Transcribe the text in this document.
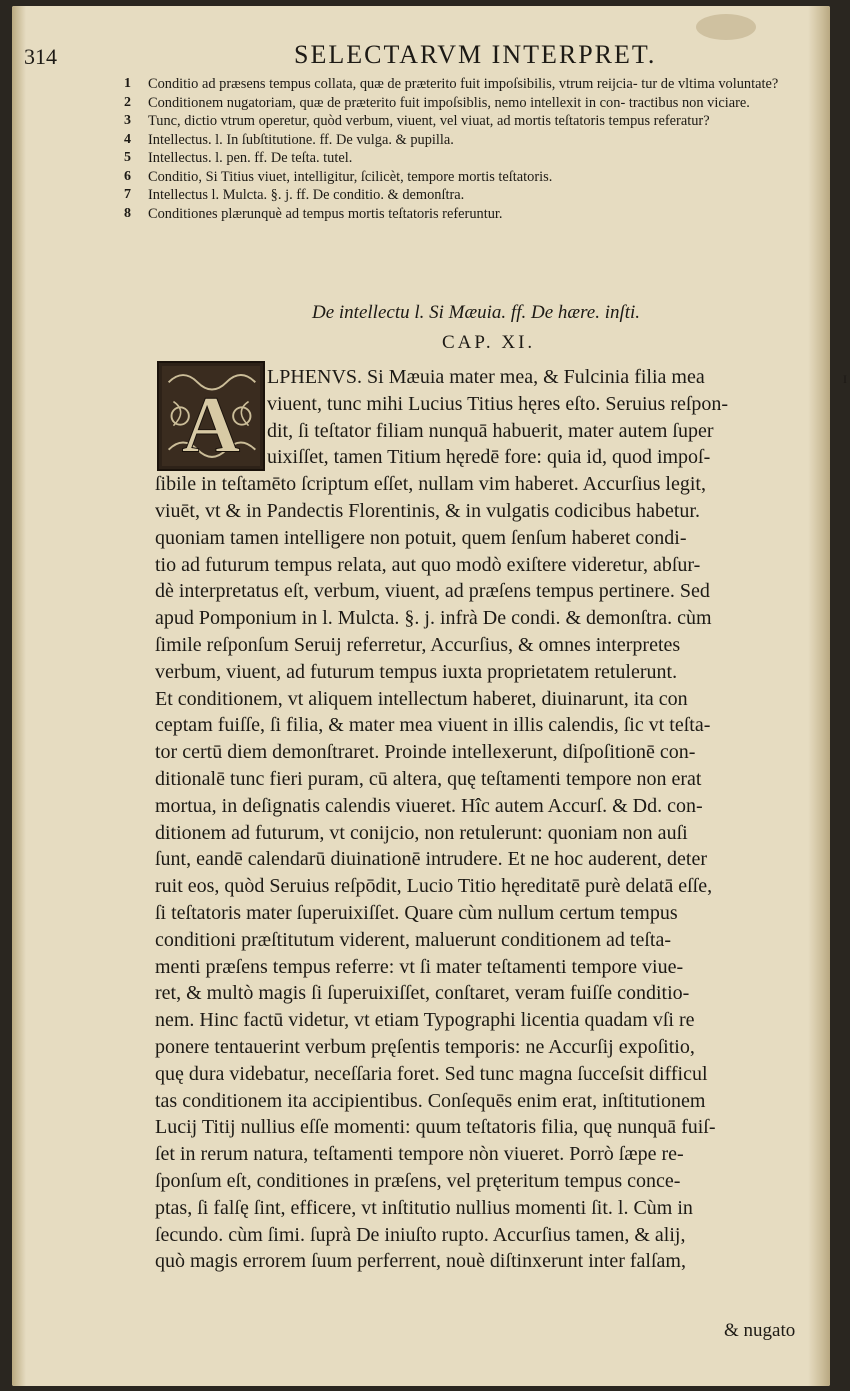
314	SELECTARVM INTERPRET.
1 Conditio ad præsens tempus collata, quæ de præterito fuit impoſsibilis, vtrum reijcia- tur de vltima voluntate?
2 Conditionem nugatoriam, quæ de præterito fuit impoſsiblis, nemo intellexit in con- tractibus non viciare.
3 Tunc, dictio vtrum operetur, quòd verbum, viuent, vel viuat, ad mortis teſtatoris tempus referatur?
4 Intellectus. l. In ſubſtitutione. ff. De vulga. & pupilla.
5 Intellectus. l. pen. ff. De teſta. tutel.
6 Conditio, Si Titius viuet, intelligitur, ſcilicèt, tempore mortis teſtatoris.
7 Intellectus l. Mulcta. §. j. ff. De conditio. & demonſtra.
8 Conditiones plærunquè ad tempus mortis teſtatoris referuntur.
De intellectu l. Si Mæuia. ff. De hære. inſti.
CAP. XI.
A
LPHENVS. Si Mæuia mater mea, & Fulcinia filia mea
viuent, tunc mihi Lucius Titius hęres eſto. Seruius reſpon-
dit, ſi teſtator filiam nunquā habuerit, mater autem ſuper
uixiſſet, tamen Titium hęredē fore: quia id, quod impoſ-
ſibile in teſtamēto ſcriptum eſſet, nullam vim haberet. Accurſius legit,
viuēt, vt & in Pandectis Florentinis, & in vulgatis codicibus habetur.
quoniam tamen intelligere non potuit, quem ſenſum haberet condi-
tio ad futurum tempus relata, aut quo modò exiſtere videretur, abſur-
dè interpretatus eſt, verbum, viuent, ad præſens tempus pertinere. Sed
apud Pomponium in l. Mulcta. §. j. infrà De condi. & demonſtra. cùm
ſimile reſponſum Seruij referretur, Accurſius, & omnes interpretes
verbum, viuent, ad futurum tempus iuxta proprietatem retulerunt.
Et conditionem, vt aliquem intellectum haberet, diuinarunt, ita con
ceptam fuiſſe, ſi filia, & mater mea viuent in illis calendis, ſic vt teſta-
tor certū diem demonſtraret. Proinde intellexerunt, diſpoſitionē con-
ditionalē tunc fieri puram, cū altera, quę teſtamenti tempore non erat
mortua, in deſignatis calendis viueret. Hîc autem Accurſ. & Dd. con-
ditionem ad futurum, vt conijcio, non retulerunt: quoniam non auſi
ſunt, eandē calendarū diuinationē intrudere. Et ne hoc auderent, deter
ruit eos, quòd Seruius reſpōdit, Lucio Titio hęreditatē purè delatā eſſe,
ſi teſtatoris mater ſuperuixiſſet. Quare cùm nullum certum tempus
conditioni præſtitutum viderent, maluerunt conditionem ad teſta-
menti præſens tempus referre: vt ſi mater teſtamenti tempore viue-
ret, & multò magis ſi ſuperuixiſſet, conſtaret, veram fuiſſe conditio-
nem. Hinc factū videtur, vt etiam Typographi licentia quadam vſi re
ponere tentauerint verbum pręſentis temporis: ne Accurſij expoſitio,
quę dura videbatur, neceſſaria foret. Sed tunc magna ſucceſsit difficul
tas conditionem ita accipientibus. Conſequēs enim erat, inſtitutionem
Lucij Titij nullius eſſe momenti: quum teſtatoris filia, quę nunquā fuiſ-
ſet in rerum natura, teſtamenti tempore nòn viueret. Porrò ſæpe re-
ſponſum eſt, conditiones in præſens, vel pręteritum tempus conce-
ptas, ſi falſę ſint, efficere, vt inſtitutio nullius momenti ſit. l. Cùm in
ſecundo. cùm ſimi. ſuprà De iniuſto rupto. Accurſius tamen, & alij,
quò magis errorem ſuum perferrent, nouè diſtinxerunt inter falſam,
& nugato
I
